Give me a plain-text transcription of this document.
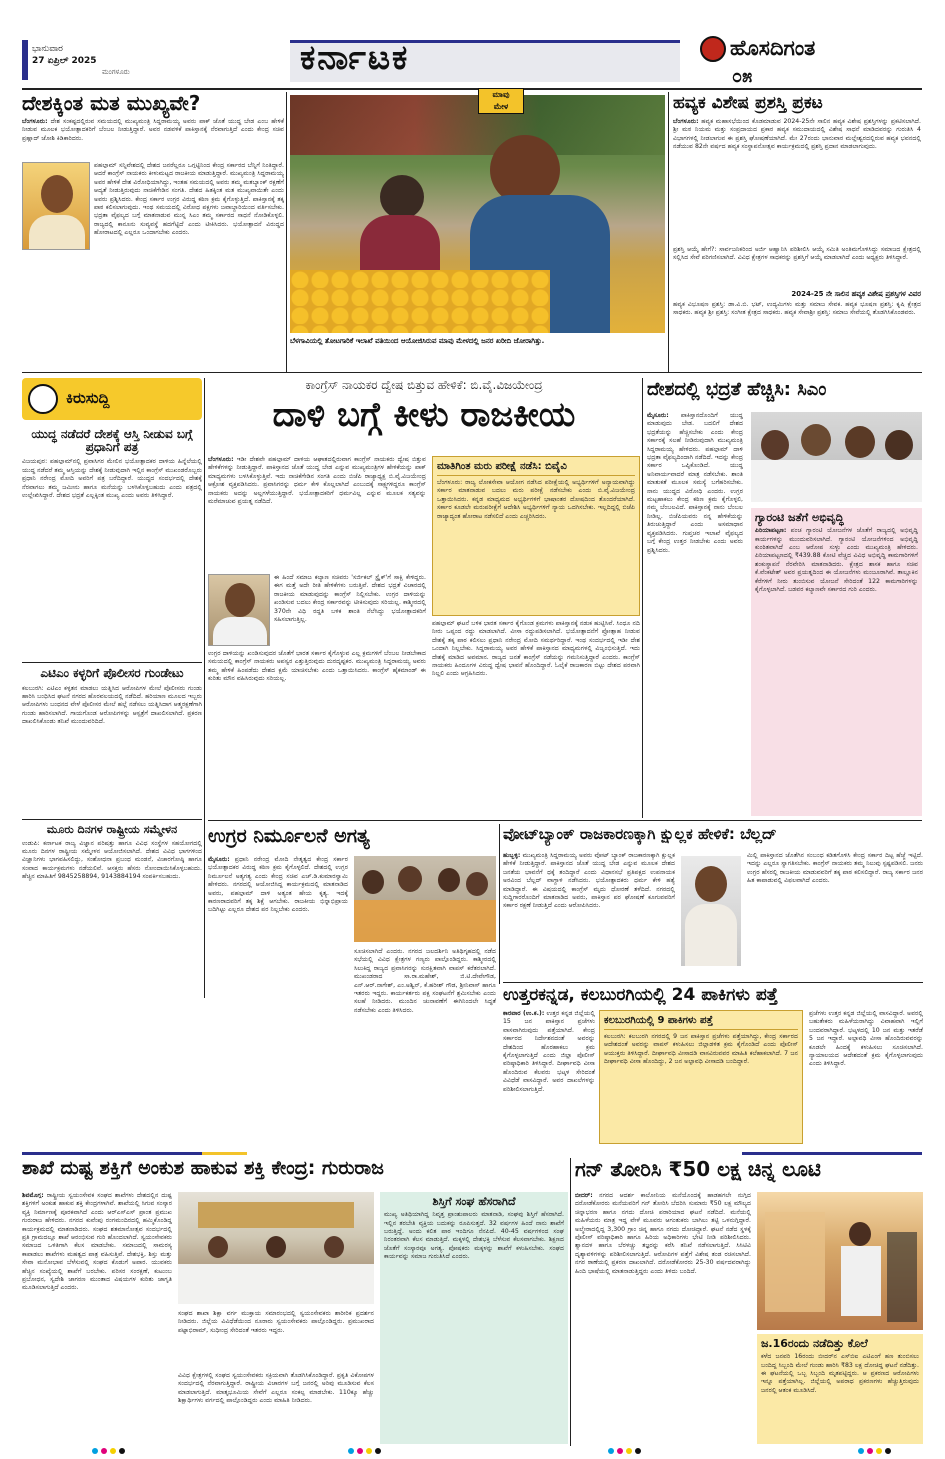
ಭಾನುವಾರ
27 ಏಪ್ರಿಲ್ 2025
ಮಂಗಳೂರು	ಕರ್ನಾಟಕ	ಹೊಸದಿಗಂತ
೦೫
ದೇಶಕ್ಕಿಂತ ಮತ ಮುಖ್ಯವೇ?
ಬೆಂಗಳೂರು: ದೇಶ ಸಂಕಷ್ಟದಲ್ಲಿರುವ ಸಮಯದಲ್ಲಿ ಮುಖ್ಯಮಂತ್ರಿ ಸಿದ್ದರಾಮಯ್ಯ ಅವರು ಪಾಕ್ ಜೊತೆ ಯುದ್ಧ ಬೇಡ ಎಂಬ ಹೇಳಿಕೆ ನೀಡುವ ಮೂಲಕ ಭಯೋತ್ಪಾದಕರಿಗೆ ಬೆಂಬಲ ನೀಡುತ್ತಿದ್ದಾರೆ. ಅವರ ನಡವಳಿಕೆ ಪಾಕಿಸ್ತಾನಕ್ಕೆ ನೆರವಾಗುತ್ತಿದೆ ಎಂದು ಕೇಂದ್ರ ಸಚಿವ ಪ್ರಹ್ಲಾದ್ ಜೋಶಿ ಕಿಡಿಕಾರಿದರು.
ಪಹಲ್ಗಾಮ್ ಸನ್ನಿವೇಶದಲ್ಲಿ ದೇಶದ ಜನರೆಲ್ಲರೂ ಒಗ್ಗಟ್ಟಿನಿಂದ ಕೇಂದ್ರ ಸರ್ಕಾರದ ಬೆನ್ನಿಗೆ ನಿಂತಿದ್ದಾರೆ. ಆದರೆ ಕಾಂಗ್ರೆಸ್ ನಾಯಕರು ಕೀಳುಮಟ್ಟದ ರಾಜಕೀಯ ಮಾಡುತ್ತಿದ್ದಾರೆ. ಮುಖ್ಯಮಂತ್ರಿ ಸಿದ್ದರಾಮಯ್ಯ ಅವರ ಹೇಳಿಕೆ ದೇಶ ವಿರೋಧಿಯಾಗಿದ್ದು, ಇಂತಹ ಸಮಯದಲ್ಲಿ ಅವರು ತಮ್ಮ ಮತಬ್ಯಾಂಕ್ ರಕ್ಷಣೆಗೆ ಆದ್ಯತೆ ನೀಡುತ್ತಿರುವುದು ನಾಚಿಕೆಗೇಡಿನ ಸಂಗತಿ. ದೇಶದ ಹಿತಕ್ಕಿಂತ ಮತ ಮುಖ್ಯವಾಯಿತೇ ಎಂದು ಅವರು ಪ್ರಶ್ನಿಸಿದರು. ಕೇಂದ್ರ ಸರ್ಕಾರ ಉಗ್ರರ ವಿರುದ್ಧ ಕಠಿಣ ಕ್ರಮ ಕೈಗೊಳ್ಳುತ್ತಿದೆ. ಪಾಕಿಸ್ತಾನಕ್ಕೆ ತಕ್ಕ ಪಾಠ ಕಲಿಸಲಾಗುವುದು. ಇಂಥ ಸಮಯದಲ್ಲಿ ವಿರೋಧ ಪಕ್ಷಗಳು ಜವಾಬ್ದಾರಿಯಿಂದ ವರ್ತಿಸಬೇಕು. ಭದ್ರತಾ ವೈಫಲ್ಯದ ಬಗ್ಗೆ ಮಾತನಾಡುವ ಮುನ್ನ ಸಿಎಂ ತಮ್ಮ ಸರ್ಕಾರದ ಸಾಧನೆ ನೋಡಿಕೊಳ್ಳಲಿ. ರಾಜ್ಯದಲ್ಲಿ ಕಾನೂನು ಸುವ್ಯವಸ್ಥೆ ಹದಗೆಟ್ಟಿದೆ ಎಂದು ಟೀಕಿಸಿದರು. ಭಯೋತ್ಪಾದನೆ ವಿರುದ್ಧದ ಹೋರಾಟದಲ್ಲಿ ಎಲ್ಲರೂ ಒಂದಾಗಬೇಕು ಎಂದರು.
ಮಾವು
ಮೇಳ
ಬೆಳಗಾವಿಯಲ್ಲಿ ತೋಟಗಾರಿಕೆ ಇಲಾಖೆ ವತಿಯಿಂದ ಆಯೋಜಿಸಿರುವ ಮಾವು ಮೇಳದಲ್ಲಿ ಜನರ ಖರೀದಿ ಜೋರಾಗಿತ್ತು.
ಹವ್ಯಕ ವಿಶೇಷ ಪ್ರಶಸ್ತಿ ಪ್ರಕಟ
ಬೆಂಗಳೂರು: ಹವ್ಯಕ ಮಹಾಸಭೆಯಿಂದ ಕೊಡಮಾಡುವ 2024-25ನೇ ಸಾಲಿನ ಹವ್ಯಕ ವಿಶೇಷ ಪ್ರಶಸ್ತಿಗಳನ್ನು ಪ್ರಕಟಿಸಲಾಗಿದೆ. ಶ್ರೀ ಮಠ ನಿಯಮ ಮತ್ತು ಸಂಪ್ರದಾಯದ ಪ್ರಕಾರ ಹವ್ಯಕ ಸಮುದಾಯದಲ್ಲಿ ವಿಶೇಷ ಸಾಧನೆ ಮಾಡಿದವರನ್ನು ಗುರುತಿಸಿ 4 ವಿಭಾಗಗಳಲ್ಲಿ ನೀಡಲಾಗುವ ಈ ಪ್ರಶಸ್ತಿ ಘೋಷಣೆಯಾಗಿದೆ. ಮೇ 27ರಂದು ಭಾನುವಾರ ಮಲ್ಲೇಶ್ವರದಲ್ಲಿರುವ ಹವ್ಯಕ ಭವನದಲ್ಲಿ ನಡೆಯುವ 82ನೇ ವರ್ಷದ ಹವ್ಯಕ ಸಂಸ್ಥಾಪನೋತ್ಸವ ಕಾರ್ಯಕ್ರಮದಲ್ಲಿ ಪ್ರಶಸ್ತಿ ಪ್ರದಾನ ಮಾಡಲಾಗುವುದು.
ಪ್ರಶಸ್ತಿ ಆಯ್ಕೆ ಹೇಗೆ?: ಸಾರ್ವಜನಿಕರಿಂದ ಅರ್ಜಿ ಆಹ್ವಾನಿಸಿ ಪರಿಶೀಲಿಸಿ ಆಯ್ಕೆ ಸಮಿತಿ ಅಂತಿಮಗೊಳಿಸಿದ್ದು ಸಮಾಜದ ಕ್ಷೇತ್ರದಲ್ಲಿ ಸಲ್ಲಿಸಿದ ಸೇವೆ ಪರಿಗಣಿಸಲಾಗಿದೆ. ವಿವಿಧ ಕ್ಷೇತ್ರಗಳ ಸಾಧಕರನ್ನು ಪ್ರಶಸ್ತಿಗೆ ಆಯ್ಕೆ ಮಾಡಲಾಗಿದೆ ಎಂದು ಅಧ್ಯಕ್ಷರು ತಿಳಿಸಿದ್ದಾರೆ.
2024-25 ನೇ ಸಾಲಿನ ಹವ್ಯಕ ವಿಶೇಷ ಪ್ರಶಸ್ತಿಗಳ ವಿವರ
ಹವ್ಯಕ ವಿಭೂಷಣ ಪ್ರಶಸ್ತಿ: ಡಾ.ವಿ.ಬಿ. ಭಟ್, ಉದ್ಯಮಿಗಳು ಮತ್ತು ಸಮಾಜ ಸೇವಕ. ಹವ್ಯಕ ಭೂಷಣ ಪ್ರಶಸ್ತಿ: ಕೃಷಿ ಕ್ಷೇತ್ರದ ಸಾಧಕರು. ಹವ್ಯಕ ಶ್ರೀ ಪ್ರಶಸ್ತಿ: ಸಂಗೀತ ಕ್ಷೇತ್ರದ ಸಾಧಕರು. ಹವ್ಯಕ ಸೇವಾಶ್ರೀ ಪ್ರಶಸ್ತಿ: ಸಮಾಜ ಸೇವೆಯಲ್ಲಿ ತೊಡಗಿಸಿಕೊಂಡವರು.
ಕಿರುಸುದ್ದಿ
ಯುದ್ಧ ನಡೆದರೆ ದೇಶಕ್ಕೆ ಆಸ್ತಿ ನೀಡುವ ಬಗ್ಗೆ ಪ್ರಧಾನಿಗೆ ಪತ್ರ
ವಿಜಯಪುರ: ಪಹಲ್ಗಾಮ್‌ನಲ್ಲಿ ಪ್ರವಾಸಿಗರ ಮೇಲಿನ ಭಯೋತ್ಪಾದಕರ ದಾಳಿಯ ಹಿನ್ನೆಲೆಯಲ್ಲಿ ಯುದ್ಧ ನಡೆದರೆ ತಮ್ಮ ಆಸ್ತಿಯನ್ನು ದೇಶಕ್ಕೆ ನೀಡುವುದಾಗಿ ಇಲ್ಲಿನ ಕಾಂಗ್ರೆಸ್ ಮುಖಂಡರೊಬ್ಬರು ಪ್ರಧಾನಿ ನರೇಂದ್ರ ಮೋದಿ ಅವರಿಗೆ ಪತ್ರ ಬರೆದಿದ್ದಾರೆ. ಯುದ್ಧದ ಸಂದರ್ಭದಲ್ಲಿ ದೇಶಕ್ಕೆ ನೆರವಾಗಲು ತಮ್ಮ ಜಮೀನು ಹಾಗೂ ಮನೆಯನ್ನು ಬಳಸಿಕೊಳ್ಳಬಹುದು ಎಂದು ಪತ್ರದಲ್ಲಿ ಉಲ್ಲೇಖಿಸಿದ್ದಾರೆ. ದೇಶದ ಭದ್ರತೆ ಎಲ್ಲಕ್ಕಿಂತ ಮುಖ್ಯ ಎಂದು ಅವರು ತಿಳಿಸಿದ್ದಾರೆ.
ಎಟಿಎಂ ಕಳ್ಳರಿಗೆ ಪೊಲೀಸರ ಗುಂಡೇಟು
ಕಲಬುರಗಿ: ಎಟಿಎಂ ಕಳ್ಳತನ ಮಾಡಲು ಯತ್ನಿಸಿದ ಆರೋಪಿಗಳ ಮೇಲೆ ಪೊಲೀಸರು ಗುಂಡು ಹಾರಿಸಿ ಬಂಧಿಸಿದ ಘಟನೆ ನಗರದ ಹೊರವಲಯದಲ್ಲಿ ನಡೆದಿದೆ. ಹರಿಯಾಣ ಮೂಲದ ಇಬ್ಬರು ಆರೋಪಿಗಳು ಬಂಧನದ ವೇಳೆ ಪೊಲೀಸರ ಮೇಲೆ ಹಲ್ಲೆ ನಡೆಸಲು ಯತ್ನಿಸಿದಾಗ ಆತ್ಮರಕ್ಷಣೆಗಾಗಿ ಗುಂಡು ಹಾರಿಸಲಾಗಿದೆ. ಗಾಯಗೊಂಡ ಆರೋಪಿಗಳನ್ನು ಆಸ್ಪತ್ರೆಗೆ ದಾಖಲಿಸಲಾಗಿದೆ. ಪ್ರಕರಣ ದಾಖಲಿಸಿಕೊಂಡು ತನಿಖೆ ಮುಂದುವರಿದಿದೆ.
ಮೂರು ದಿನಗಳ ರಾಷ್ಟ್ರೀಯ ಸಮ್ಮೇಳನ
ಉಡುಪಿ: ಕರ್ನಾಟಕ ರಾಜ್ಯ ವಿಜ್ಞಾನ ಪರಿಷತ್ತು ಹಾಗೂ ವಿವಿಧ ಸಂಸ್ಥೆಗಳ ಸಹಯೋಗದಲ್ಲಿ ಮೂರು ದಿನಗಳ ರಾಷ್ಟ್ರೀಯ ಸಮ್ಮೇಳನ ಆಯೋಜಿಸಲಾಗಿದೆ. ದೇಶದ ವಿವಿಧ ಭಾಗಗಳಿಂದ ವಿಜ್ಞಾನಿಗಳು ಭಾಗವಹಿಸಲಿದ್ದು, ಸಂಶೋಧನಾ ಪ್ರಬಂಧ ಮಂಡನೆ, ವಿಚಾರಗೋಷ್ಠಿ ಹಾಗೂ ಸಂವಾದ ಕಾರ್ಯಕ್ರಮಗಳು ನಡೆಯಲಿವೆ. ಆಸಕ್ತರು ಹೆಸರು ನೋಂದಾಯಿಸಿಕೊಳ್ಳಬಹುದು. ಹೆಚ್ಚಿನ ಮಾಹಿತಿಗೆ 9845258894, 9143884194 ಸಂಪರ್ಕಿಸಬಹುದು.
ಕಾಂಗ್ರೆಸ್ ನಾಯಕರ ದ್ವೇಷ ಬಿತ್ತುವ ಹೇಳಿಕೆ: ಬಿ.ವೈ.ವಿಜಯೇಂದ್ರ
ದಾಳಿ ಬಗ್ಗೆ ಕೀಳು ರಾಜಕೀಯ
ಬೆಂಗಳೂರು: ಇಡೀ ದೇಶವೇ ಪಹಲ್ಗಾಮ್ ದಾಳಿಯ ಆಘಾತದಲ್ಲಿರುವಾಗ ಕಾಂಗ್ರೆಸ್ ನಾಯಕರು ದ್ವೇಷ ಬಿತ್ತುವ ಹೇಳಿಕೆಗಳನ್ನು ನೀಡುತ್ತಿದ್ದಾರೆ. ಪಾಕಿಸ್ತಾನದ ಜೊತೆ ಯುದ್ಧ ಬೇಡ ಎನ್ನುವ ಮುಖ್ಯಮಂತ್ರಿಗಳ ಹೇಳಿಕೆಯನ್ನು ಪಾಕ್ ಮಾಧ್ಯಮಗಳು ಬಳಸಿಕೊಳ್ಳುತ್ತಿವೆ. ಇದು ನಾಚಿಕೆಗೇಡಿನ ಸಂಗತಿ ಎಂದು ಬಿಜೆಪಿ ರಾಜ್ಯಾಧ್ಯಕ್ಷ ಬಿ.ವೈ.ವಿಜಯೇಂದ್ರ ಆಕ್ರೋಶ ವ್ಯಕ್ತಪಡಿಸಿದರು. ಪ್ರವಾಸಿಗರನ್ನು ಧರ್ಮ ಕೇಳಿ ಕೊಲ್ಲಲಾಗಿದೆ ಎಂಬುದಕ್ಕೆ ಸಾಕ್ಷ್ಯಗಳಿದ್ದರೂ ಕಾಂಗ್ರೆಸ್ ನಾಯಕರು ಅದನ್ನು ಅಲ್ಲಗಳೆಯುತ್ತಿದ್ದಾರೆ. ಭಯೋತ್ಪಾದಕರಿಗೆ ಧರ್ಮವಿಲ್ಲ ಎನ್ನುವ ಮೂಲಕ ಸತ್ಯವನ್ನು ಮರೆಮಾಚುವ ಪ್ರಯತ್ನ ನಡೆದಿದೆ.
ಈ ಹಿಂದೆ ಸಮಾಜ ಕಲ್ಯಾಣ ಸಚಿವರು 'ಸರ್ಜಿಕಲ್ ಸ್ಟ್ರೈಕ್'ಗೆ ಸಾಕ್ಷಿ ಕೇಳಿದ್ದರು. ಈಗ ಮತ್ತೆ ಅದೇ ರೀತಿ ಹೇಳಿಕೆಗಳು ಬರುತ್ತಿವೆ. ದೇಶದ ಭದ್ರತೆ ವಿಚಾರದಲ್ಲಿ ರಾಜಕೀಯ ಮಾಡುವುದನ್ನು ಕಾಂಗ್ರೆಸ್ ನಿಲ್ಲಿಸಬೇಕು. ಉಗ್ರರ ದಾಳಿಯನ್ನು ಖಂಡಿಸುವ ಬದಲು ಕೇಂದ್ರ ಸರ್ಕಾರವನ್ನು ಟೀಕಿಸುವುದು ಸರಿಯಲ್ಲ. ಕಾಶ್ಮೀರದಲ್ಲಿ 370ನೇ ವಿಧಿ ರದ್ದತಿ ಬಳಿಕ ಶಾಂತಿ ನೆಲೆಸಿದ್ದು ಭಯೋತ್ಪಾದಕರಿಗೆ ಸಹಿಸಲಾಗುತ್ತಿಲ್ಲ.
ಉಗ್ರರ ದಾಳಿಯನ್ನು ಖಂಡಿಸುವುದರ ಜೊತೆಗೆ ಭಾರತ ಸರ್ಕಾರ ಕೈಗೊಳ್ಳುವ ಎಲ್ಲ ಕ್ರಮಗಳಿಗೆ ಬೆಂಬಲ ನೀಡಬೇಕಾದ ಸಮಯದಲ್ಲಿ ಕಾಂಗ್ರೆಸ್ ನಾಯಕರು ಅಪಸ್ವರ ಎತ್ತುತ್ತಿರುವುದು ದುರದೃಷ್ಟಕರ. ಮುಖ್ಯಮಂತ್ರಿ ಸಿದ್ದರಾಮಯ್ಯ ಅವರು ತಮ್ಮ ಹೇಳಿಕೆ ಹಿಂಪಡೆದು ದೇಶದ ಕ್ಷಮೆ ಯಾಚಿಸಬೇಕು ಎಂದು ಒತ್ತಾಯಿಸಿದರು. ಕಾಂಗ್ರೆಸ್ ಹೈಕಮಾಂಡ್ ಈ ಕುರಿತು ಮೌನ ವಹಿಸಿರುವುದು ಸರಿಯಲ್ಲ.
ಮಾತಿಗಿಂತ ಮರು ಪರೀಕ್ಷೆ ನಡೆಸಿ: ಬಿವೈವಿ
ಬೆಂಗಳೂರು: ರಾಜ್ಯ ಲೋಕಸೇವಾ ಆಯೋಗ ನಡೆಸಿದ ಪರೀಕ್ಷೆಯಲ್ಲಿ ಅಭ್ಯರ್ಥಿಗಳಿಗೆ ಅನ್ಯಾಯವಾಗಿದ್ದು ಸರ್ಕಾರ ಮಾತನಾಡುವ ಬದಲು ಮರು ಪರೀಕ್ಷೆ ನಡೆಸಬೇಕು ಎಂದು ಬಿ.ವೈ.ವಿಜಯೇಂದ್ರ ಒತ್ತಾಯಿಸಿದರು. ಕನ್ನಡ ಮಾಧ್ಯಮದ ಅಭ್ಯರ್ಥಿಗಳಿಗೆ ಭಾಷಾಂತರ ದೋಷದಿಂದ ತೊಂದರೆಯಾಗಿದೆ. ಸರ್ಕಾರ ಕೂಡಲೇ ಮರುಪರೀಕ್ಷೆಗೆ ಆದೇಶಿಸಿ ಅಭ್ಯರ್ಥಿಗಳಿಗೆ ನ್ಯಾಯ ಒದಗಿಸಬೇಕು. ಇಲ್ಲದಿದ್ದಲ್ಲಿ ಬಿಜೆಪಿ ರಾಜ್ಯಾದ್ಯಂತ ಹೋರಾಟ ನಡೆಸಲಿದೆ ಎಂದು ಎಚ್ಚರಿಸಿದರು.
ಪಹಲ್ಗಾಮ್ ಘಟನೆ ಬಳಿಕ ಭಾರತ ಸರ್ಕಾರ ಕೈಗೊಂಡ ಕ್ರಮಗಳು ಪಾಕಿಸ್ತಾನಕ್ಕೆ ನಡುಕ ಹುಟ್ಟಿಸಿವೆ. ಸಿಂಧೂ ನದಿ ನೀರು ಒಪ್ಪಂದ ರದ್ದು ಮಾಡಲಾಗಿದೆ. ವೀಸಾ ರದ್ದುಪಡಿಸಲಾಗಿದೆ. ಭಯೋತ್ಪಾದನೆಗೆ ಪ್ರೋತ್ಸಾಹ ನೀಡುವ ದೇಶಕ್ಕೆ ತಕ್ಕ ಪಾಠ ಕಲಿಸಲು ಪ್ರಧಾನಿ ನರೇಂದ್ರ ಮೋದಿ ಸಮರ್ಥರಿದ್ದಾರೆ. ಇಂಥ ಸಂದರ್ಭದಲ್ಲಿ ಇಡೀ ದೇಶ ಒಂದಾಗಿ ನಿಲ್ಲಬೇಕು. ಸಿದ್ದರಾಮಯ್ಯ ಅವರ ಹೇಳಿಕೆ ಪಾಕಿಸ್ತಾನದ ಮಾಧ್ಯಮಗಳಲ್ಲಿ ವಿಜೃಂಭಿಸುತ್ತಿದೆ. ಇದು ದೇಶಕ್ಕೆ ಮಾಡಿದ ಅವಮಾನ. ರಾಜ್ಯದ ಜನತೆ ಕಾಂಗ್ರೆಸ್ ನಡೆಯನ್ನು ಗಮನಿಸುತ್ತಿದ್ದಾರೆ ಎಂದರು. ಕಾಂಗ್ರೆಸ್ ನಾಯಕರು ಹಿಂದೂಗಳ ವಿರುದ್ಧ ದ್ವೇಷ ಭಾವನೆ ಹೊಂದಿದ್ದಾರೆ. ಓಲೈಕೆ ರಾಜಕಾರಣ ಬಿಟ್ಟು ದೇಶದ ಪರವಾಗಿ ನಿಲ್ಲಲಿ ಎಂದು ಆಗ್ರಹಿಸಿದರು.
ದೇಶದಲ್ಲಿ ಭದ್ರತೆ ಹೆಚ್ಚಿಸಿ: ಸಿಎಂ
ಮೈಸೂರು: ಪಾಕಿಸ್ತಾನದೊಂದಿಗೆ ಯುದ್ಧ ಮಾಡುವುದು ಬೇಡ. ಬದಲಿಗೆ ದೇಶದ ಭದ್ರತೆಯನ್ನು ಹೆಚ್ಚಿಸಬೇಕು ಎಂದು ಕೇಂದ್ರ ಸರ್ಕಾರಕ್ಕೆ ಸಲಹೆ ನೀಡಿರುವುದಾಗಿ ಮುಖ್ಯಮಂತ್ರಿ ಸಿದ್ದರಾಮಯ್ಯ ಹೇಳಿದರು. ಪಹಲ್ಗಾಮ್ ದಾಳಿ ಭದ್ರತಾ ವೈಫಲ್ಯದಿಂದಾಗಿ ನಡೆದಿದೆ. ಇದನ್ನು ಕೇಂದ್ರ ಸರ್ಕಾರ ಒಪ್ಪಿಕೊಂಡಿದೆ. ಯುದ್ಧ ಅನಿವಾರ್ಯವಾದರೆ ಮಾತ್ರ ನಡೆಸಬೇಕು. ಶಾಂತಿ ಮಾತುಕತೆ ಮೂಲಕ ಸಮಸ್ಯೆ ಬಗೆಹರಿಸಬೇಕು. ನಾನು ಯುದ್ಧದ ವಿರೋಧಿ ಎಂದರು. ಉಗ್ರರ ಮಟ್ಟಹಾಕಲು ಕೇಂದ್ರ ಕಠಿಣ ಕ್ರಮ ಕೈಗೊಳ್ಳಲಿ, ನಮ್ಮ ಬೆಂಬಲವಿದೆ. ಪಾಕಿಸ್ತಾನಕ್ಕೆ ನಾನು ಬೆಂಬಲ ನೀಡಿಲ್ಲ. ಬಿಜೆಪಿಯವರು ನನ್ನ ಹೇಳಿಕೆಯನ್ನು ತಿರುಚುತ್ತಿದ್ದಾರೆ ಎಂದು ಅಸಮಾಧಾನ ವ್ಯಕ್ತಪಡಿಸಿದರು. ಗುಪ್ತಚರ ಇಲಾಖೆ ವೈಫಲ್ಯದ ಬಗ್ಗೆ ಕೇಂದ್ರ ಉತ್ತರ ನೀಡಬೇಕು ಎಂದು ಅವರು ಪ್ರಶ್ನಿಸಿದರು.
ಗ್ಯಾರಂಟಿ ಜತೆಗೆ ಅಭಿವೃದ್ಧಿ
ಪಿರಿಯಾಪಟ್ಟಣ: ಪಂಚ ಗ್ಯಾರಂಟಿ ಯೋಜನೆಗಳ ಜೊತೆಗೆ ರಾಜ್ಯದಲ್ಲಿ ಅಭಿವೃದ್ಧಿ ಕಾರ್ಯಗಳನ್ನು ಮುಂದುವರಿಸಲಾಗಿದೆ. ಗ್ಯಾರಂಟಿ ಯೋಜನೆಗಳಿಂದ ಅಭಿವೃದ್ಧಿ ಕುಂಠಿತವಾಗಿದೆ ಎಂಬ ಆರೋಪ ಸುಳ್ಳು ಎಂದು ಮುಖ್ಯಮಂತ್ರಿ ಹೇಳಿದರು. ಪಿರಿಯಾಪಟ್ಟಣದಲ್ಲಿ ₹439.88 ಕೋಟಿ ವೆಚ್ಚದ ವಿವಿಧ ಅಭಿವೃದ್ಧಿ ಕಾಮಗಾರಿಗಳಿಗೆ ಶಂಕುಸ್ಥಾಪನೆ ನೆರವೇರಿಸಿ ಮಾತನಾಡಿದರು. ಕ್ಷೇತ್ರದ ಶಾಸಕ ಹಾಗೂ ಸಚಿವ ಕೆ.ವೆಂಕಟೇಶ್ ಅವರ ಪ್ರಯತ್ನದಿಂದ ಈ ಯೋಜನೆಗಳು ಮಂಜೂರಾಗಿವೆ. ತಾಲ್ಲೂಕಿನ ಕೆರೆಗಳಿಗೆ ನೀರು ತುಂಬಿಸುವ ಯೋಜನೆ ಸೇರಿದಂತೆ 122 ಕಾಮಗಾರಿಗಳನ್ನು ಕೈಗೊಳ್ಳಲಾಗಿದೆ. ಬಡವರ ಕಲ್ಯಾಣವೇ ಸರ್ಕಾರದ ಗುರಿ ಎಂದರು.
ಉಗ್ರರ ನಿರ್ಮೂಲನೆ ಅಗತ್ಯ
ಮೈಸೂರು: ಪ್ರಧಾನಿ ನರೇಂದ್ರ ಮೋದಿ ನೇತೃತ್ವದ ಕೇಂದ್ರ ಸರ್ಕಾರ ಭಯೋತ್ಪಾದಕರ ವಿರುದ್ಧ ಕಠಿಣ ಕ್ರಮ ಕೈಗೊಳ್ಳಲಿದೆ. ದೇಶದಲ್ಲಿ ಉಗ್ರರ ನಿರ್ಮೂಲನೆ ಅತ್ಯಗತ್ಯ ಎಂದು ಕೇಂದ್ರ ಸಚಿವ ಎಚ್.ಡಿ.ಕುಮಾರಸ್ವಾಮಿ ಹೇಳಿದರು. ನಗರದಲ್ಲಿ ಆಯೋಜಿಸಿದ್ದ ಕಾರ್ಯಕ್ರಮದಲ್ಲಿ ಮಾತನಾಡಿದ ಅವರು, ಪಹಲ್ಗಾಮ್ ದಾಳಿ ಅತ್ಯಂತ ಹೇಯ ಕೃತ್ಯ. ಇದಕ್ಕೆ ಕಾರಣರಾದವರಿಗೆ ತಕ್ಕ ಶಿಕ್ಷೆ ಆಗಬೇಕು. ರಾಜಕೀಯ ಭಿನ್ನಾಭಿಪ್ರಾಯ ಬದಿಗಿಟ್ಟು ಎಲ್ಲರೂ ದೇಶದ ಪರ ನಿಲ್ಲಬೇಕು ಎಂದರು.
ಸೂಚಿಸಲಾಗಿದೆ ಎಂದರು. ನಗರದ ಜಲದರ್ಶಿನಿ ಅತಿಥಿಗೃಹದಲ್ಲಿ ನಡೆದ ಸಭೆಯಲ್ಲಿ ವಿವಿಧ ಕ್ಷೇತ್ರಗಳ ಗಣ್ಯರು ಪಾಲ್ಗೊಂಡಿದ್ದರು. ಕಾಶ್ಮೀರದಲ್ಲಿ ಸಿಲುಕಿದ್ದ ರಾಜ್ಯದ ಪ್ರವಾಸಿಗರನ್ನು ಸುರಕ್ಷಿತವಾಗಿ ವಾಪಸ್ ಕರೆತರಲಾಗಿದೆ. ಮುಖಂಡರಾದ ಸಾ.ರಾ.ಮಹೇಶ್, ಜಿ.ಟಿ.ದೇವೇಗೌಡ, ಎನ್.ಆರ್.ನಾಗೇಶ್, ಎಂ.ಅಶ್ವಿನ್, ಕೆ.ಹರೀಶ್ ಗೌಡ, ಶ್ರೀನಿವಾಸ್ ಹಾಗೂ ಇತರರು ಇದ್ದರು. ಕಾರ್ಯಕರ್ತರು ಪಕ್ಷ ಸಂಘಟನೆಗೆ ಶ್ರಮಿಸಬೇಕು ಎಂದು ಸಲಹೆ ನೀಡಿದರು. ಮುಂದಿನ ಚುನಾವಣೆಗೆ ಈಗಿನಿಂದಲೇ ಸಿದ್ಧತೆ ನಡೆಸಬೇಕು ಎಂದು ತಿಳಿಸಿದರು.
ವೋಟ್‌ಬ್ಯಾಂಕ್ ರಾಜಕಾರಣಕ್ಕಾಗಿ ಕ್ಷುಲ್ಲಕ ಹೇಳಿಕೆ: ಬೆಲ್ಲದ್
ಹುಬ್ಬಳ್ಳಿ: ಮುಖ್ಯಮಂತ್ರಿ ಸಿದ್ದರಾಮಯ್ಯ ಅವರು ವೋಟ್ ಬ್ಯಾಂಕ್ ರಾಜಕಾರಣಕ್ಕಾಗಿ ಕ್ಷುಲ್ಲಕ ಹೇಳಿಕೆ ನೀಡುತ್ತಿದ್ದಾರೆ. ಪಾಕಿಸ್ತಾನದ ಜೊತೆ ಯುದ್ಧ ಬೇಡ ಎನ್ನುವ ಮೂಲಕ ದೇಶದ ಜನತೆಯ ಭಾವನೆಗೆ ಧಕ್ಕೆ ತಂದಿದ್ದಾರೆ ಎಂದು ವಿಧಾನಸಭೆ ಪ್ರತಿಪಕ್ಷದ ಉಪನಾಯಕ ಅರವಿಂದ ಬೆಲ್ಲದ್ ವಾಗ್ದಾಳಿ ನಡೆಸಿದರು. ಭಯೋತ್ಪಾದಕರು ಧರ್ಮ ಕೇಳಿ ಹತ್ಯೆ ಮಾಡಿದ್ದಾರೆ. ಈ ವಿಷಯದಲ್ಲಿ ಕಾಂಗ್ರೆಸ್ ಮೃದು ಧೋರಣೆ ತಳೆದಿದೆ. ನಗರದಲ್ಲಿ ಸುದ್ದಿಗಾರರೊಂದಿಗೆ ಮಾತನಾಡಿದ ಅವರು, ಪಾಕಿಸ್ತಾನ ಪರ ಘೋಷಣೆ ಕೂಗುವವರಿಗೆ ಸರ್ಕಾರ ರಕ್ಷಣೆ ನೀಡುತ್ತಿದೆ ಎಂದು ಆರೋಪಿಸಿದರು.
ಮಿಲ್ಲಿ ಪಾಕಿಸ್ತಾನದ ಜೊತೆಗಿನ ಸಂಬಂಧ ಕಡಿತಗೊಳಿಸಿ ಕೇಂದ್ರ ಸರ್ಕಾರ ದಿಟ್ಟ ಹೆಜ್ಜೆ ಇಟ್ಟಿದೆ. ಇದನ್ನು ಎಲ್ಲರೂ ಸ್ವಾಗತಿಸಬೇಕು. ಕಾಂಗ್ರೆಸ್ ನಾಯಕರು ತಮ್ಮ ನಿಲುವು ಸ್ಪಷ್ಟಪಡಿಸಲಿ. ಜನರು ಉಗ್ರರ ಹೆಸರಲ್ಲಿ ರಾಜಕೀಯ ಮಾಡುವವರಿಗೆ ತಕ್ಕ ಪಾಠ ಕಲಿಸಲಿದ್ದಾರೆ. ರಾಜ್ಯ ಸರ್ಕಾರ ಜನರ ಹಿತ ಕಾಪಾಡುವಲ್ಲಿ ವಿಫಲವಾಗಿದೆ ಎಂದರು.
ಉತ್ತರಕನ್ನಡ, ಕಲಬುರಗಿಯಲ್ಲಿ 24 ಪಾಕಿಗಳು ಪತ್ತೆ
ಕಾರವಾರ (ಉ.ಕ.): ಉತ್ತರ ಕನ್ನಡ ಜಿಲ್ಲೆಯಲ್ಲಿ 15 ಜನ ಪಾಕಿಸ್ತಾನ ಪ್ರಜೆಗಳು ವಾಸವಾಗಿರುವುದು ಪತ್ತೆಯಾಗಿದೆ. ಕೇಂದ್ರ ಸರ್ಕಾರದ ನಿರ್ದೇಶನದಂತೆ ಅವರನ್ನು ದೇಶದಿಂದ ಹೊರಹಾಕಲು ಕ್ರಮ ಕೈಗೊಳ್ಳಲಾಗುತ್ತಿದೆ ಎಂದು ಜಿಲ್ಲಾ ಪೊಲೀಸ್ ವರಿಷ್ಠಾಧಿಕಾರಿ ತಿಳಿಸಿದ್ದಾರೆ. ದೀರ್ಘಾವಧಿ ವೀಸಾ ಹೊಂದಿರುವ ಕೆಲವರು ಭಟ್ಕಳ ಸೇರಿದಂತೆ ವಿವಿಧೆಡೆ ವಾಸವಿದ್ದಾರೆ. ಅವರ ದಾಖಲೆಗಳನ್ನು ಪರಿಶೀಲಿಸಲಾಗುತ್ತಿದೆ.
ಕಲಬುರಗಿಯಲ್ಲಿ 9 ಪಾಕಿಗಳು ಪತ್ತೆ
ಕಲಬುರಗಿ: ಕಲಬುರಗಿ ನಗರದಲ್ಲಿ 9 ಜನ ಪಾಕಿಸ್ತಾನ ಪ್ರಜೆಗಳು ಪತ್ತೆಯಾಗಿದ್ದು, ಕೇಂದ್ರ ಸರ್ಕಾರದ ಆದೇಶದಂತೆ ಅವರನ್ನು ವಾಪಸ್ ಕಳುಹಿಸಲು ಜಿಲ್ಲಾಡಳಿತ ಕ್ರಮ ಕೈಗೊಂಡಿದೆ ಎಂದು ಪೊಲೀಸ್ ಆಯುಕ್ತರು ತಿಳಿಸಿದ್ದಾರೆ. ದೀರ್ಘಾವಧಿ ವೀಸಾದಡಿ ವಾಸವಿರುವವರ ಮಾಹಿತಿ ಕಲೆಹಾಕಲಾಗಿದೆ. 7 ಜನ ದೀರ್ಘಾವಧಿ ವೀಸಾ ಹೊಂದಿದ್ದು, 2 ಜನ ಅಲ್ಪಾವಧಿ ವೀಸಾದಡಿ ಬಂದಿದ್ದಾರೆ.
ಪ್ರಜೆಗಳು ಉತ್ತರ ಕನ್ನಡ ಜಿಲ್ಲೆಯಲ್ಲಿ ವಾಸವಿದ್ದಾರೆ. ಅವರಲ್ಲಿ ಬಹುತೇಕರು ಮಹಿಳೆಯರಾಗಿದ್ದು ವಿವಾಹವಾಗಿ ಇಲ್ಲಿಗೆ ಬಂದವರಾಗಿದ್ದಾರೆ. ಭಟ್ಕಳದಲ್ಲಿ 10 ಜನ ಮತ್ತು ಇತರೆಡೆ 5 ಜನ ಇದ್ದಾರೆ. ಅಲ್ಪಾವಧಿ ವೀಸಾ ಹೊಂದಿರುವವರನ್ನು ಕೂಡಲೇ ಹಿಂದಕ್ಕೆ ಕಳುಹಿಸಲು ಸೂಚಿಸಲಾಗಿದೆ. ನ್ಯಾಯಾಲಯದ ಆದೇಶದಂತೆ ಕ್ರಮ ಕೈಗೊಳ್ಳಲಾಗುವುದು ಎಂದು ತಿಳಿಸಿದ್ದಾರೆ.
ಶಾಖೆ ದುಷ್ಟ ಶಕ್ತಿಗೆ ಅಂಕುಶ ಹಾಕುವ ಶಕ್ತಿ ಕೇಂದ್ರ: ಗುರುರಾಜ
ಶಿವಮೊಗ್ಗ: ರಾಷ್ಟ್ರೀಯ ಸ್ವಯಂಸೇವಕ ಸಂಘದ ಶಾಖೆಗಳು ದೇಶದಲ್ಲಿನ ದುಷ್ಟ ಶಕ್ತಿಗಳಿಗೆ ಅಂಕುಶ ಹಾಕುವ ಶಕ್ತಿ ಕೇಂದ್ರಗಳಾಗಿವೆ. ಶಾಖೆಯಲ್ಲಿ ಸಿಗುವ ಸಂಸ್ಕಾರ ವ್ಯಕ್ತಿ ನಿರ್ಮಾಣಕ್ಕೆ ಪೂರಕವಾಗಿದೆ ಎಂದು ಆರ್‌ಎಸ್‌ಎಸ್ ಪ್ರಾಂತ ಪ್ರಮುಖ ಗುರುರಾಜ ಹೇಳಿದರು. ನಗರದ ಕುವೆಂಪು ರಂಗಮಂದಿರದಲ್ಲಿ ಹಮ್ಮಿಕೊಂಡಿದ್ದ ಕಾರ್ಯಕ್ರಮದಲ್ಲಿ ಮಾತನಾಡಿದರು. ಸಂಘದ ಶತಮಾನೋತ್ಸವ ಸಂದರ್ಭದಲ್ಲಿ ಪ್ರತಿ ಗ್ರಾಮದಲ್ಲೂ ಶಾಖೆ ಆರಂಭಿಸುವ ಗುರಿ ಹೊಂದಲಾಗಿದೆ. ಸ್ವಯಂಸೇವಕರು ಸಮಾಜದ ಒಳಿತಿಗಾಗಿ ಕೆಲಸ ಮಾಡಬೇಕು. ಸಮಾಜದಲ್ಲಿ ಸಾಮರಸ್ಯ ಕಾಪಾಡಲು ಶಾಖೆಗಳು ಮಹತ್ವದ ಪಾತ್ರ ವಹಿಸುತ್ತಿವೆ. ದೇಶಭಕ್ತಿ, ಶಿಸ್ತು ಮತ್ತು ಸೇವಾ ಮನೋಭಾವ ಬೆಳೆಸುವಲ್ಲಿ ಸಂಘದ ಕೊಡುಗೆ ಅಪಾರ. ಯುವಕರು ಹೆಚ್ಚಿನ ಸಂಖ್ಯೆಯಲ್ಲಿ ಶಾಖೆಗೆ ಬರಬೇಕು. ಪರಿಸರ ಸಂರಕ್ಷಣೆ, ಕುಟುಂಬ ಪ್ರಬೋಧನ, ಸ್ವದೇಶಿ ಜಾಗರಣ ಮುಂತಾದ ವಿಷಯಗಳ ಕುರಿತು ಜಾಗೃತಿ ಮೂಡಿಸಲಾಗುತ್ತಿದೆ ಎಂದರು.
ಸಂಘದ ಶಾಖಾ ಶಿಕ್ಷಾ ವರ್ಗ ಮುಕ್ತಾಯ ಸಮಾರಂಭದಲ್ಲಿ ಸ್ವಯಂಸೇವಕರು ಶಾರೀರಿಕ ಪ್ರದರ್ಶನ ನೀಡಿದರು. ಜಿಲ್ಲೆಯ ವಿವಿಧೆಡೆಯಿಂದ ನೂರಾರು ಸ್ವಯಂಸೇವಕರು ಪಾಲ್ಗೊಂಡಿದ್ದರು. ಪ್ರಮುಖರಾದ ಪಟ್ಟಾಭಿರಾಮ್, ಸುಧೀಂದ್ರ ಸೇರಿದಂತೆ ಇತರರು ಇದ್ದರು.
ವಿವಿಧ ಕ್ಷೇತ್ರಗಳಲ್ಲಿ ಸಂಘದ ಸ್ವಯಂಸೇವಕರು ಸಕ್ರಿಯವಾಗಿ ತೊಡಗಿಸಿಕೊಂಡಿದ್ದಾರೆ. ಪ್ರಕೃತಿ ವಿಕೋಪಗಳ ಸಂದರ್ಭದಲ್ಲಿ ನೆರವಾಗುತ್ತಿದ್ದಾರೆ. ರಾಷ್ಟ್ರೀಯ ವಿಚಾರಗಳ ಬಗ್ಗೆ ಜನರಲ್ಲಿ ಅರಿವು ಮೂಡಿಸುವ ಕೆಲಸ ಮಾಡಲಾಗುತ್ತಿದೆ. ಮಾತೃಭೂಮಿಯ ಸೇವೆಗೆ ಎಲ್ಲರೂ ಸಂಕಲ್ಪ ಮಾಡಬೇಕು. 110ಕ್ಕೂ ಹೆಚ್ಚು ಶಿಕ್ಷಾರ್ಥಿಗಳು ವರ್ಗದಲ್ಲಿ ಪಾಲ್ಗೊಂಡಿದ್ದರು ಎಂದು ಮಾಹಿತಿ ನೀಡಿದರು.
ಶಿಸ್ತಿಗೆ ಸಂಘ ಹೆಸರಾಗಿದೆ
ಮುಖ್ಯ ಅತಿಥಿಯಾಗಿದ್ದ ನಿವೃತ್ತ ಪ್ರಾಂಶುಪಾಲರು ಮಾತನಾಡಿ, ಸಂಘವು ಶಿಸ್ತಿಗೆ ಹೆಸರಾಗಿದೆ. ಇಲ್ಲಿನ ತರಬೇತಿ ವ್ಯಕ್ತಿಯ ಬದುಕನ್ನು ರೂಪಿಸುತ್ತದೆ. 32 ವರ್ಷಗಳ ಹಿಂದೆ ನಾನು ಶಾಖೆಗೆ ಬರುತ್ತಿದ್ದೆ. ಅಂದು ಕಲಿತ ಪಾಠ ಇಂದಿಗೂ ನೆನಪಿದೆ. 40-45 ವರ್ಷಗಳಿಂದ ಸಂಘ ನಿರಂತರವಾಗಿ ಕೆಲಸ ಮಾಡುತ್ತಿದೆ. ಮಕ್ಕಳಲ್ಲಿ ದೇಶಭಕ್ತಿ ಬೆಳೆಸುವ ಕೆಲಸವಾಗಬೇಕು. ಶಿಕ್ಷಣದ ಜೊತೆಗೆ ಸಂಸ್ಕಾರವೂ ಅಗತ್ಯ. ಪೋಷಕರು ಮಕ್ಕಳನ್ನು ಶಾಖೆಗೆ ಕಳುಹಿಸಬೇಕು. ಸಂಘದ ಕಾರ್ಯವನ್ನು ಸಮಾಜ ಗುರುತಿಸಿದೆ ಎಂದರು.
ಗನ್ ತೋರಿಸಿ ₹50 ಲಕ್ಷ ಚಿನ್ನ ಲೂಟಿ
ಬೀದರ್: ನಗರದ ಆದರ್ಶ ಕಾಲೋನಿಯ ಮನೆಯೊಂದಕ್ಕೆ ಹಾಡಹಗಲೇ ನುಗ್ಗಿದ ದರೋಡೆಕೋರರು ಮನೆಯವರಿಗೆ ಗನ್ ತೋರಿಸಿ ಬೆದರಿಸಿ ಸುಮಾರು ₹50 ಲಕ್ಷ ಮೌಲ್ಯದ ಚಿನ್ನಾಭರಣ ಹಾಗೂ ನಗದು ದೋಚಿ ಪರಾರಿಯಾದ ಘಟನೆ ನಡೆದಿದೆ. ಮನೆಯಲ್ಲಿ ಮಹಿಳೆಯರು ಮಾತ್ರ ಇದ್ದ ವೇಳೆ ಮೂವರು ಆಗಂತುಕರು ಬಾಗಿಲು ತಟ್ಟಿ ಒಳನುಗ್ಗಿದ್ದಾರೆ. ಅಲ್ಮೇರಾದಲ್ಲಿದ್ದ 3,300 ಗ್ರಾಂ ಚಿನ್ನ ಹಾಗೂ ನಗದು ದೋಚಿದ್ದಾರೆ. ಘಟನೆ ನಡೆದ ಸ್ಥಳಕ್ಕೆ ಪೊಲೀಸ್ ವರಿಷ್ಠಾಧಿಕಾರಿ ಹಾಗೂ ಹಿರಿಯ ಅಧಿಕಾರಿಗಳು ಭೇಟಿ ನೀಡಿ ಪರಿಶೀಲಿಸಿದರು. ಶ್ವಾನದಳ ಹಾಗೂ ಬೆರಳಚ್ಚು ತಜ್ಞರನ್ನು ಕರೆಸಿ ತನಿಖೆ ನಡೆಸಲಾಗುತ್ತಿದೆ. ಸಿಸಿಟಿವಿ ದೃಶ್ಯಾವಳಿಗಳನ್ನು ಪರಿಶೀಲಿಸಲಾಗುತ್ತಿದೆ. ಆರೋಪಿಗಳ ಪತ್ತೆಗೆ ವಿಶೇಷ ತಂಡ ರಚಿಸಲಾಗಿದೆ. ನಗರ ಠಾಣೆಯಲ್ಲಿ ಪ್ರಕರಣ ದಾಖಲಾಗಿದೆ. ದರೋಡೆಕೋರರು 25-30 ವರ್ಷದವರಾಗಿದ್ದು ಹಿಂದಿ ಭಾಷೆಯಲ್ಲಿ ಮಾತನಾಡುತ್ತಿದ್ದರು ಎಂದು ತಿಳಿದು ಬಂದಿದೆ.
ಜ.16ರಂದು ನಡೆದಿತ್ತು ಕೊಲೆ
ಕಳೆದ ಜನವರಿ 16ರಂದು ಬೀದರ್‌ನ ಎಸ್‌ಬಿಐ ಎಟಿಎಂಗೆ ಹಣ ತುಂಬಿಸಲು ಬಂದಿದ್ದ ಸಿಬ್ಬಂದಿ ಮೇಲೆ ಗುಂಡು ಹಾರಿಸಿ ₹83 ಲಕ್ಷ ದೋಚಿದ್ದ ಘಟನೆ ನಡೆದಿತ್ತು. ಈ ಘಟನೆಯಲ್ಲಿ ಒಬ್ಬ ಸಿಬ್ಬಂದಿ ಮೃತಪಟ್ಟಿದ್ದರು. ಆ ಪ್ರಕರಣದ ಆರೋಪಿಗಳು ಇನ್ನೂ ಪತ್ತೆಯಾಗಿಲ್ಲ. ಜಿಲ್ಲೆಯಲ್ಲಿ ಅಪರಾಧ ಪ್ರಕರಣಗಳು ಹೆಚ್ಚುತ್ತಿರುವುದು ಜನರಲ್ಲಿ ಆತಂಕ ಮೂಡಿಸಿದೆ.
